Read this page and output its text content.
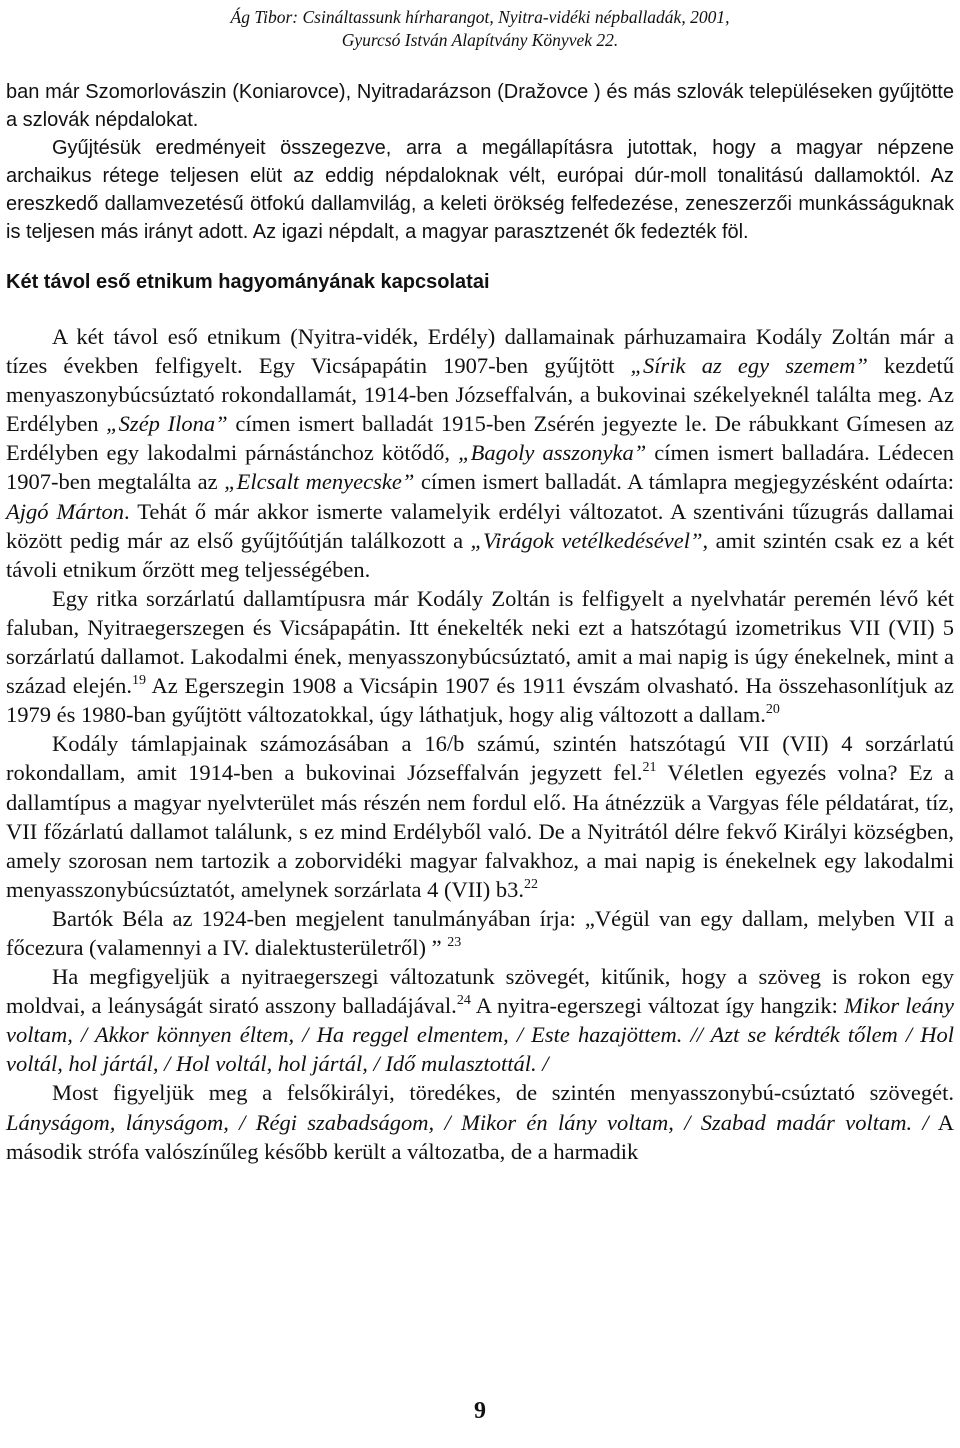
Ág Tibor: Csináltassunk hírharangot, Nyitra-vidéki népballadák, 2001,
Gyurcsó István Alapítvány Könyvek 22.

ban már Szomorlovászin (Koniarovce), Nyitradarázson (Dražovce ) és más szlovák településeken gyűjtötte a szlovák népdalokat.

Gyűjtésük eredményeit összegezve, arra a megállapításra jutottak, hogy a magyar népzene archaikus rétege teljesen elüt az eddig népdaloknak vélt, európai dúr-moll tonalitású dallamoktól. Az ereszkedő dallamvezetésű ötfokú dallamvilág, a keleti örökség felfedezése, zeneszerzői munkásságuknak is teljesen más irányt adott. Az igazi népdalt, a magyar parasztzenét ők fedezték föl.

Két távol eső etnikum hagyományának kapcsolatai

A két távol eső etnikum (Nyitra-vidék, Erdély) dallamainak párhuzamaira Kodály Zoltán már a tízes években felfigyelt. Egy Vicsápapátin 1907-ben gyűjtött „Sírik az egy szemem” kezdetű menyaszonybúcsúztató rokondallamát, 1914-ben Józseffalván, a bukovinai székelyeknél találta meg. Az Erdélyben „Szép Ilona” címen ismert balladát 1915-ben Zsérén jegyezte le. De rábukkant Gímesen az Erdélyben egy lakodalmi párnástánchoz kötődő, „Bagoly asszonyka” címen ismert balladára. Lédecen 1907-ben megtalálta az „Elcsalt menyecske” címen ismert balladát. A támlapra megjegyzésként odaírta: Ajgó Márton. Tehát ő már akkor ismerte valamelyik erdélyi változatot. A szentiváni tűzugrás dallamai között pedig már az első gyűjtőútján találkozott a „Virágok vetélkedésével”, amit szintén csak ez a két távoli etnikum őrzött meg teljességében.

Egy ritka sorzárlatú dallamtípusra már Kodály Zoltán is felfigyelt a nyelvhatár peremén lévő két faluban, Nyitraegerszegen és Vicsápapátin. Itt énekelték neki ezt a hatszótagú izometrikus VII (VII) 5 sorzárlatú dallamot. Lakodalmi ének, menyasszonybúcsúztató, amit a mai napig is úgy énekelnek, mint a század elején.$^{19}$ Az Egerszegin 1908 a Vicsápin 1907 és 1911 évszám olvasható. Ha összehasonlítjuk az 1979 és 1980-ban gyűjtött változatokkal, úgy láthatjuk, hogy alig változott a dallam.$^{20}$

Kodály támlapjainak számozásában a 16/b számú, szintén hatszótagú VII (VII) 4 sorzárlatú rokondallam, amit 1914-ben a bukovinai Józseffalván jegyzett fel.$^{21}$ Véletlen egyezés volna? Ez a dallamtípus a magyar nyelvterület más részén nem fordul elő. Ha átnézzük a Vargyas féle példatárat, tíz, VII főzárlatú dallamot találunk, s ez mind Erdélyből való. De a Nyitrától délre fekvő Királyi községben, amely szorosan nem tartozik a zoborvidéki magyar falvakhoz, a mai napig is énekelnek egy lakodalmi menyasszonybúcsúztatót, amelynek sorzárlata 4 (VII) b3.22

Bartók Béla az 1924-ben megjelent tanulmányában írja: „Végül van egy dallam, melyben VII a főcezura (valamennyi a IV. dialektusterületről) ” $^{23}$

Ha megfigyeljük a nyitraegerszegi változatunk szövegét, kitűnik, hogy a szöveg is rokon egy moldvai, a leányságát sirató asszony balladájával.$^{24}$ A nyitra-egerszegi változat így hangzik: Mikor leány voltam, / Akkor könnyen éltem, / Ha reggel elmentem, / Este hazajöttem. // Azt se kérdték tőlem / Hol voltál, hol jártál, / Hol voltál, hol jártál, / Idő mulasztottál. /

Most figyeljük meg a felsőkirályi, töredékes, de szintén menyasszonybú-csúztató szövegét. Lányságom, lányságom, / Régi szabadságom, / Mikor én lány voltam, / Szabad madár voltam. / A második strófa valószínűleg később került a változatba, de a harmadik

9
